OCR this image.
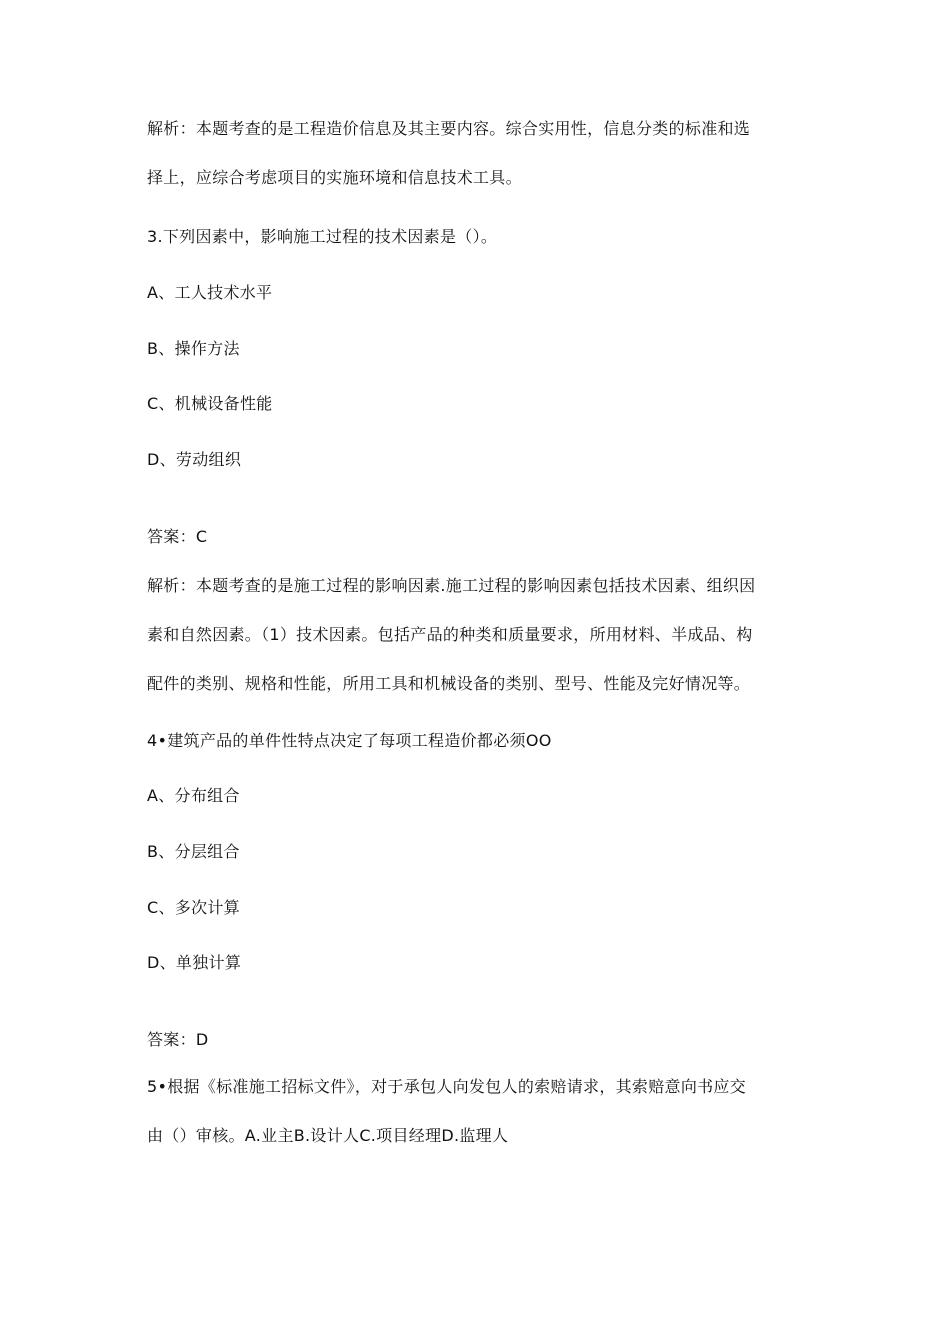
解析：本题考查的是工程造价信息及其主要内容。综合实用性，信息分类的标准和选
择上，应综合考虑项目的实施环境和信息技术工具。
3.下列因素中，影响施工过程的技术因素是（）。
A、工人技术水平
B、操作方法
C、机械设备性能
D、劳动组织
答案：C
解析：本题考查的是施工过程的影响因素.施工过程的影响因素包括技术因素、组织因
素和自然因素。（1）技术因素。包括产品的种类和质量要求，所用材料、半成品、构
配件的类别、规格和性能，所用工具和机械设备的类别、型号、性能及完好情况等。
4•建筑产品的单件性特点决定了每项工程造价都必须OO
A、分布组合
B、分层组合
C、多次计算
D、单独计算
答案：D
5•根据《标准施工招标文件》，对于承包人向发包人的索赔请求，其索赔意向书应交
由（）审核。A.业主B.设计人C.项目经理D.监理人
